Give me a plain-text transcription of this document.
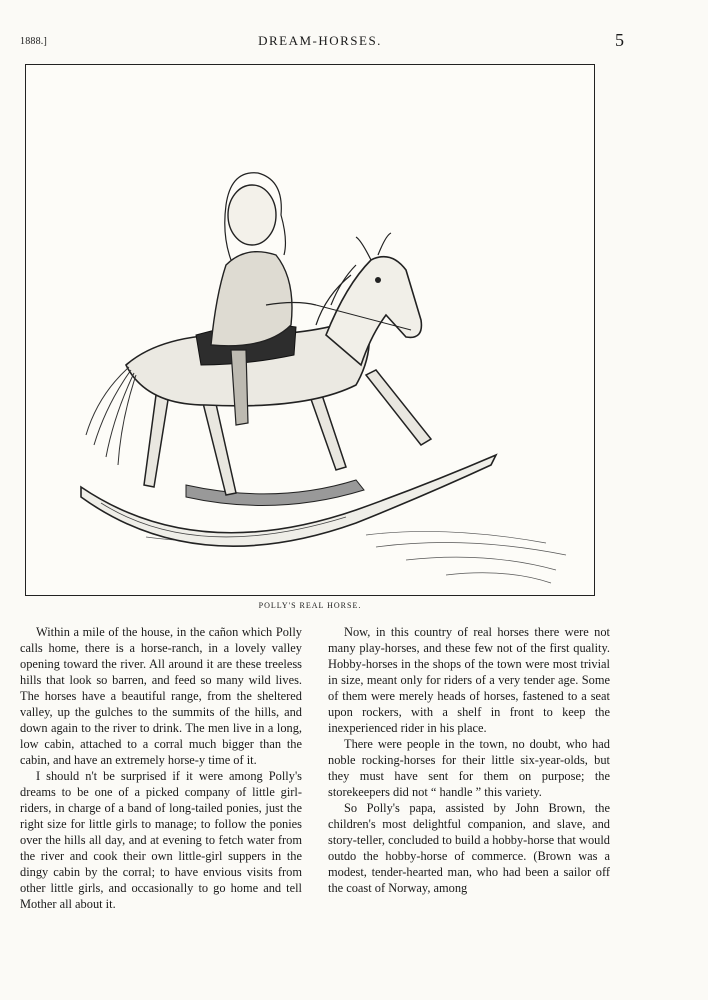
1888.]	DREAM-HORSES.	5
POLLY'S REAL HORSE.

Within a mile of the house, in the cañon which Polly calls home, there is a horse-ranch, in a lovely valley opening toward the river. All around it are these treeless hills that look so barren, and feed so many wild lives. The horses have a beautiful range, from the sheltered valley, up the gulches to the summits of the hills, and down again to the river to drink. The men live in a long, low cabin, attached to a corral much bigger than the cabin, and have an extremely horse-y time of it.

I should n't be surprised if it were among Polly's dreams to be one of a picked company of little girl-riders, in charge of a band of long-tailed ponies, just the right size for little girls to manage; to follow the ponies over the hills all day, and at evening to fetch water from the river and cook their own little-girl suppers in the dingy cabin by the corral; to have envious visits from other little girls, and occasionally to go home and tell Mother all about it.

Now, in this country of real horses there were not many play-horses, and these few not of the first quality. Hobby-horses in the shops of the town were most trivial in size, meant only for riders of a very tender age. Some of them were merely heads of horses, fastened to a seat upon rockers, with a shelf in front to keep the inexperienced rider in his place.

There were people in the town, no doubt, who had noble rocking-horses for their little six-year-olds, but they must have sent for them on purpose; the storekeepers did not “ handle ” this variety.

So Polly's papa, assisted by John Brown, the children's most delightful companion, and slave, and story-teller, concluded to build a hobby-horse that would outdo the hobby-horse of commerce. (Brown was a modest, tender-hearted man, who had been a sailor off the coast of Norway, among
